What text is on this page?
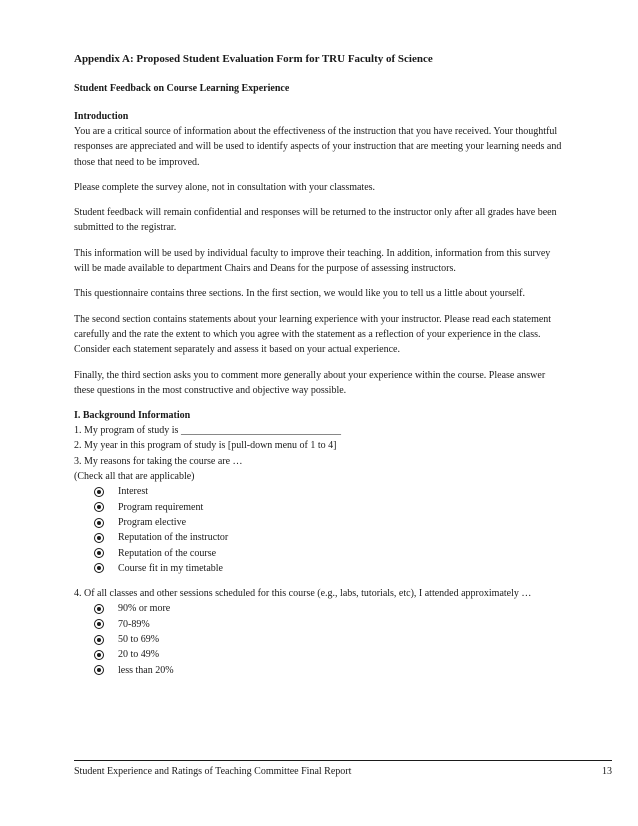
Appendix A: Proposed Student Evaluation Form for TRU Faculty of Science
Student Feedback on Course Learning Experience
Introduction

You are a critical source of information about the effectiveness of the instruction that you have received. Your thoughtful responses are appreciated and will be used to identify aspects of your instruction that are meeting your learning needs and those that need to be improved.

Please complete the survey alone, not in consultation with your classmates.

Student feedback will remain confidential and responses will be returned to the instructor only after all grades have been submitted to the registrar.

This information will be used by individual faculty to improve their teaching. In addition, information from this survey will be made available to department Chairs and Deans for the purpose of assessing instructors.

This questionnaire contains three sections. In the first section, we would like you to tell us a little about yourself.

The second section contains statements about your learning experience with your instructor. Please read each statement carefully and the rate the extent to which you agree with the statement as a reflection of your experience in the class. Consider each statement separately and assess it based on your actual experience.

Finally, the third section asks you to comment more generally about your experience within the course. Please answer these questions in the most constructive and objective way possible.

I. Background Information

1. My program of study is ________________________________

2. My year in this program of study is [pull-down menu of 1 to 4]

3. My reasons for taking the course are …

(Check all that are applicable)

Interest
Program requirement
Program elective
Reputation of the instructor
Reputation of the course
Course fit in my timetable

4. Of all classes and other sessions scheduled for this course (e.g., labs, tutorials, etc), I attended approximately …

90% or more
70-89%
50 to 69%
20 to 49%
less than 20%
Student Experience and Ratings of Teaching Committee Final Report	13
